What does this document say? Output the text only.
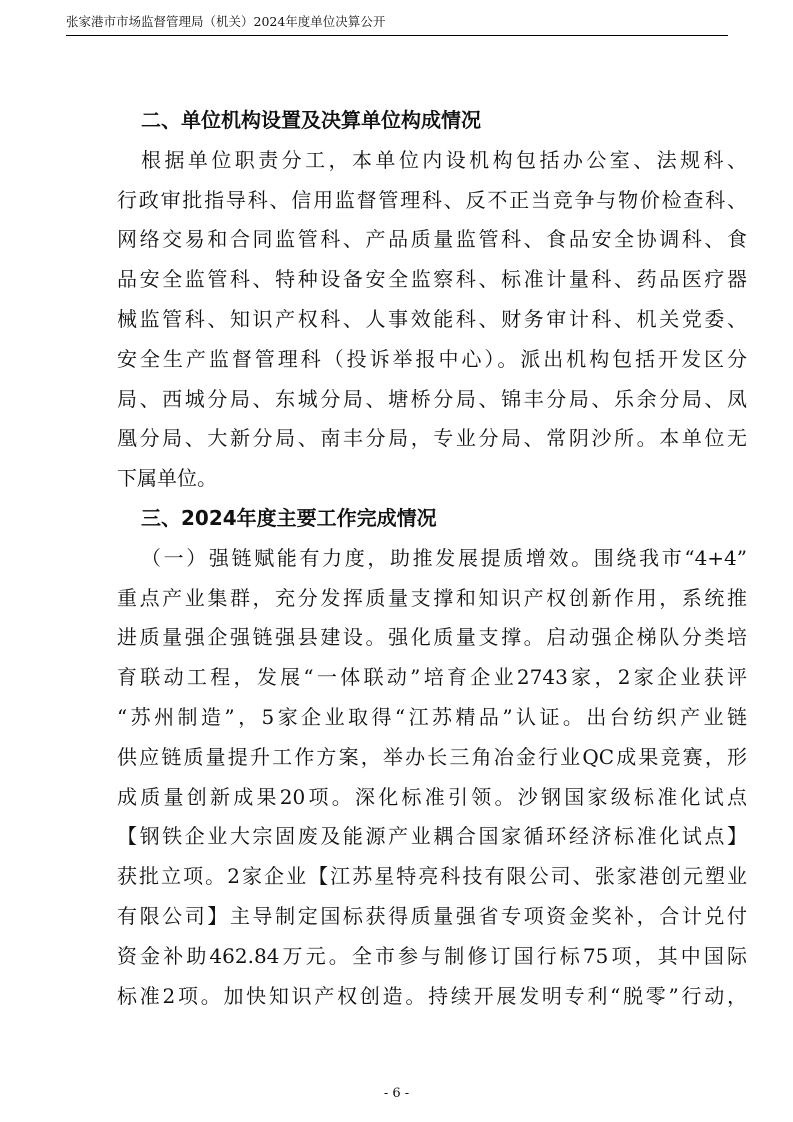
张家港市市场监督管理局（机关）2024年度单位决算公开
二、单位机构设置及决算单位构成情况
根据单位职责分工，本单位内设机构包括办公室、法规科、
行政审批指导科、信用监督管理科、反不正当竞争与物价检查科、
网络交易和合同监管科、产品质量监管科、食品安全协调科、食
品安全监管科、特种设备安全监察科、标准计量科、药品医疗器
械监管科、知识产权科、人事效能科、财务审计科、机关党委、
安全生产监督管理科（投诉举报中心）。派出机构包括开发区分
局、西城分局、东城分局、塘桥分局、锦丰分局、乐余分局、凤
凰分局、大新分局、南丰分局，专业分局、常阴沙所。本单位无
下属单位。
三、2024年度主要工作完成情况
（一）强链赋能有力度，助推发展提质增效。围绕我市“4+4”
重点产业集群，充分发挥质量支撑和知识产权创新作用，系统推
进质量强企强链强县建设。强化质量支撑。启动强企梯队分类培
育联动工程，发展“一体联动”培育企业2743家，2家企业获评
“苏州制造”，5家企业取得“江苏精品”认证。出台纺织产业链
供应链质量提升工作方案，举办长三角冶金行业QC成果竞赛，形
成质量创新成果20项。深化标准引领。沙钢国家级标准化试点
【钢铁企业大宗固废及能源产业耦合国家循环经济标准化试点】
获批立项。2家企业【江苏星特亮科技有限公司、张家港创元塑业
有限公司】主导制定国标获得质量强省专项资金奖补，合计兑付
资金补助462.84万元。全市参与制修订国行标75项，其中国际
标准2项。加快知识产权创造。持续开展发明专利“脱零”行动，
- 6 -
